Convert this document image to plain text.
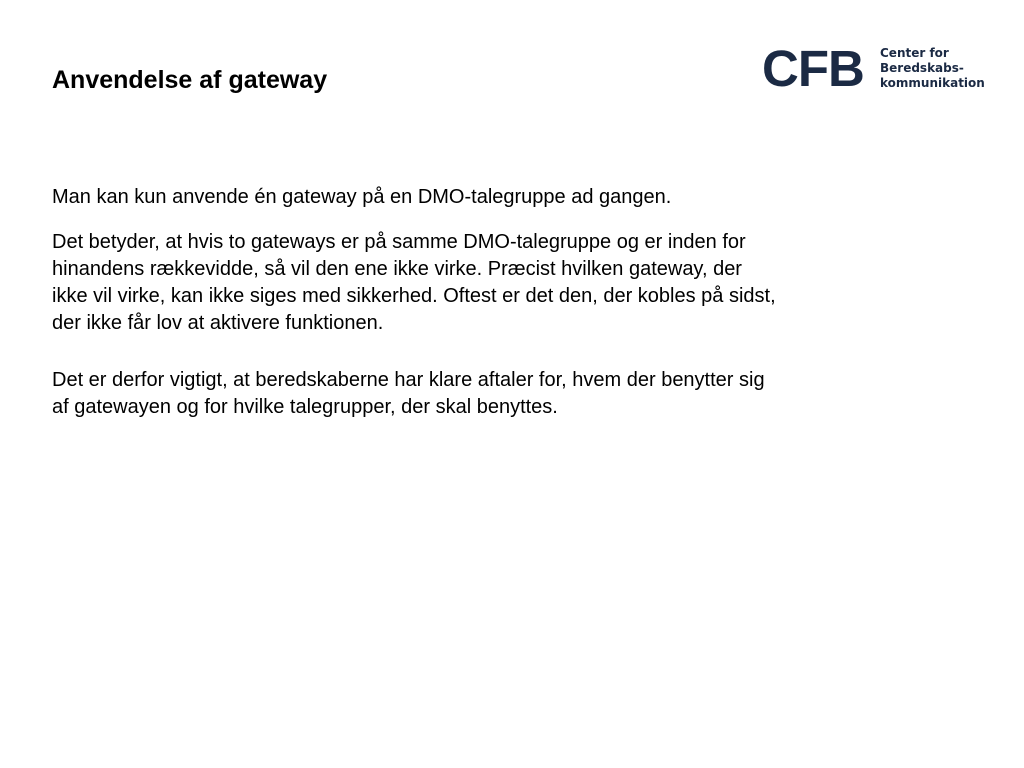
Anvendelse af gateway	CFB Center for
Beredskabs-
kommunikation

Man kan kun anvende én gateway på en DMO-talegruppe ad gangen.

Det betyder, at hvis to gateways er på samme DMO-talegruppe og er inden for hinandens rækkevidde, så vil den ene ikke virke. Præcist hvilken gateway, der ikke vil virke, kan ikke siges med sikkerhed. Oftest er det den, der kobles på sidst, der ikke får lov at aktivere funktionen.

Det er derfor vigtigt, at beredskaberne har klare aftaler for, hvem der benytter sig af gatewayen og for hvilke talegrupper, der skal benyttes.
